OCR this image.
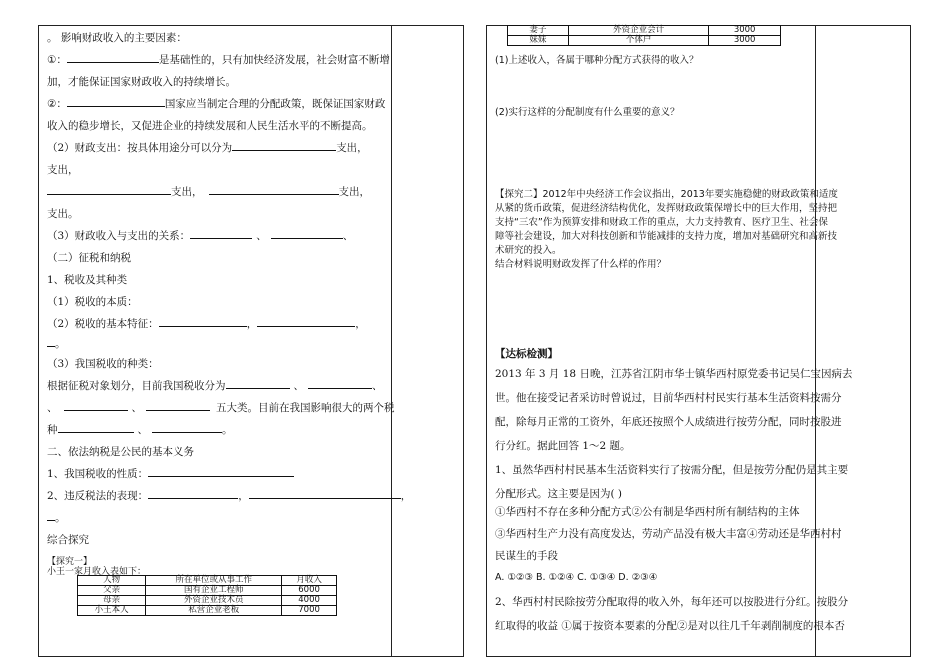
。 影响财政收入的主要因素：
①：	是基础性的，只有加快经济发展，社会财富不断增
加，才能保证国家财政收入的持续增长。
②：	国家应当制定合理的分配政策，既保证国家财政
收入的稳步增长，又促进企业的持续发展和人民生活水平的不断提高。
（2）财政支出：按具体用途分可以分为	支出，
支出，
支出，	支出，
支出。
（3）财政收入与支出的关系：	、	、
（二）征税和纳税
1、税收及其种类
（1）税收的本质：
（2）税收的基本特征：	，	，
。
（3）我国税收的种类：
根据征税对象划分，目前我国税收分为	、	、
、	、	五大类。目前在我国影响很大的两个税
种	、	。
二、依法纳税是公民的基本义务
1、我国税收的性质：
2、违反税法的表现：	，	，
。
综合探究
【探究一】
小王一家月收入表如下：
人物	所在单位或从事工作	月收入
父亲	国有企业工程师	6000
母亲	外资企业技术员	4000
小王本人	私营企业老板	7000
妻子	外资企业会计	3000
妹妹	个体户	3000
(1)上述收入，各属于哪种分配方式获得的收入？
(2)实行这样的分配制度有什么重要的意义？
【探究二】2012年中央经济工作会议指出，2013年要实施稳健的财政政策和适度
从紧的货币政策，促进经济结构优化，发挥财政政策保增长中的巨大作用，坚持把
支持“三农”作为预算安排和财政工作的重点，大力支持教育、医疗卫生、社会保
障等社会建设，加大对科技创新和节能减排的支持力度，增加对基础研究和高新技
术研究的投入。
结合材料说明财政发挥了什么样的作用？
【达标检测】
2013 年 3 月 18 日晚，江苏省江阴市华士镇华西村原党委书记吴仁宝因病去
世。他在接受记者采访时曾说过，目前华西村村民实行基本生活资料按需分
配，除每月正常的工资外，年底还按照个人成绩进行按劳分配，同时按股进
行分红。据此回答 1～2 题。
1、虽然华西村村民基本生活资料实行了按需分配，但是按劳分配仍是其主要
分配形式。这主要是因为( )
①华西村不存在多种分配方式②公有制是华西村所有制结构的主体
③华西村生产力没有高度发达，劳动产品没有极大丰富④劳动还是华西村村
民谋生的手段
A. ①②③ B. ①②④ C. ①③④ D. ②③④
2、华西村村民除按劳分配取得的收入外，每年还可以按股进行分红。按股分
红取得的收益 ①属于按资本要素的分配②是对以往几千年剥削制度的根本否
